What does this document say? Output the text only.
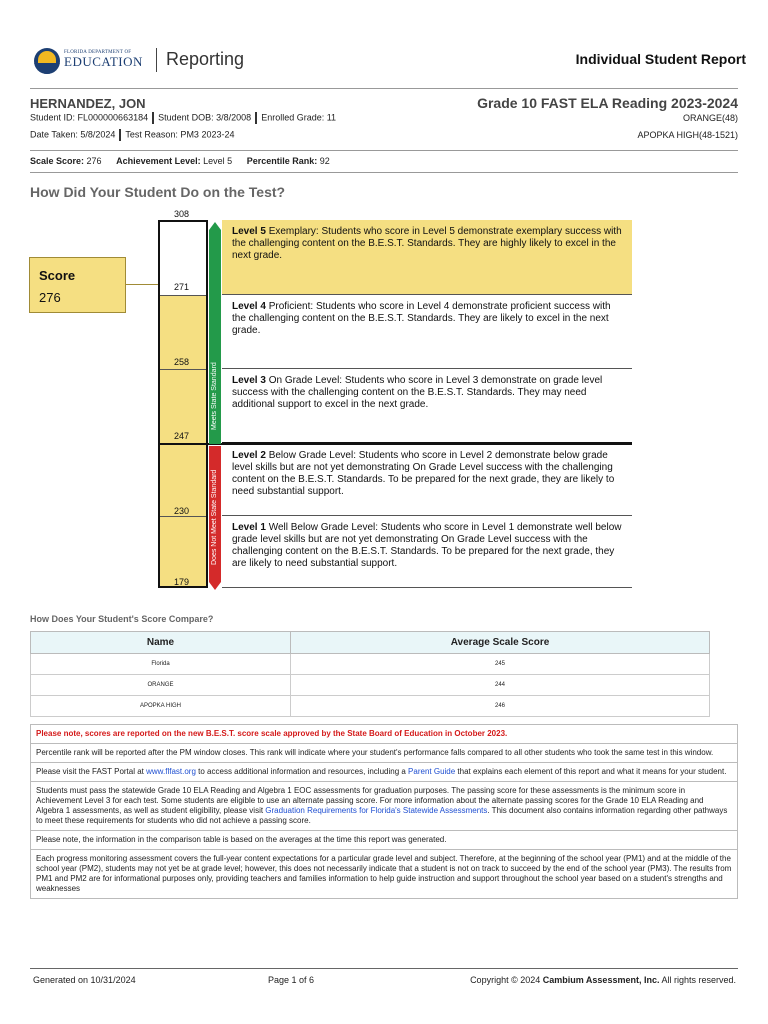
FLORIDA DEPARTMENT OF
EDUCATION Reporting	Individual Student Report
HERNANDEZ, JON
Student ID: FL000000663184 Student DOB: 3/8/2008 Enrolled Grade: 11
Date Taken: 5/8/2024 Test Reason: PM3 2023-24
Grade 10 FAST ELA Reading 2023-2024
ORANGE(48)
APOPKA HIGH(48-1521)
Scale Score: 276 Achievement Level: Level 5 Percentile Rank: 92
How Did Your Student Do on the Test?
Score
276
Level 5 Exemplary: Students who score in Level 5 demonstrate exemplary success with the challenging content on the B.E.S.T. Standards. They are highly likely to excel in the next grade.
Level 4 Proficient: Students who score in Level 4 demonstrate proficient success with the challenging content on the B.E.S.T. Standards. They are likely to excel in the next grade.
Level 3 On Grade Level: Students who score in Level 3 demonstrate on grade level success with the challenging content on the B.E.S.T. Standards. They may need additional support to excel in the next grade.
Level 2 Below Grade Level: Students who score in Level 2 demonstrate below grade level skills but are not yet demonstrating On Grade Level success with the challenging content on the B.E.S.T. Standards. To be prepared for the next grade, they are likely to need substantial support.
Level 1 Well Below Grade Level: Students who score in Level 1 demonstrate well below grade level skills but are not yet demonstrating On Grade Level success with the challenging content on the B.E.S.T. Standards. To be prepared for the next grade, they are likely to need substantial support.
308
271
258
247
230
179
Meets State Standard
Does Not Meet State Standard
How Does Your Student's Score Compare?
Name	Average Scale Score
Florida	245
ORANGE	244
APOPKA HIGH	246
Please note, scores are reported on the new B.E.S.T. score scale approved by the State Board of Education in October 2023.
Percentile rank will be reported after the PM window closes. This rank will indicate where your student's performance falls compared to all other students who took the same test in this window.
Please visit the FAST Portal at www.flfast.org to access additional information and resources, including a Parent Guide that explains each element of this report and what it means for your student.
Students must pass the statewide Grade 10 ELA Reading and Algebra 1 EOC assessments for graduation purposes. The passing score for these assessments is the minimum score in Achievement Level 3 for each test. Some students are eligible to use an alternate passing score. For more information about the alternate passing scores for the Grade 10 ELA Reading and Algebra 1 assessments, as well as student eligibility, please visit Graduation Requirements for Florida's Statewide Assessments. This document also contains information regarding other pathways to meet these requirements for students who did not achieve a passing score.
Please note, the information in the comparison table is based on the averages at the time this report was generated.
Each progress monitoring assessment covers the full-year content expectations for a particular grade level and subject. Therefore, at the beginning of the school year (PM1) and at the middle of the school year (PM2), students may not yet be at grade level; however, this does not necessarily indicate that a student is not on track to succeed by the end of the school year (PM3). The results from PM1 and PM2 are for informational purposes only, providing teachers and families information to help guide instruction and support throughout the school year based on a student's strengths and weaknesses
Generated on 10/31/2024	Page 1 of 6	Copyright © 2024 Cambium Assessment, Inc. All rights reserved.
